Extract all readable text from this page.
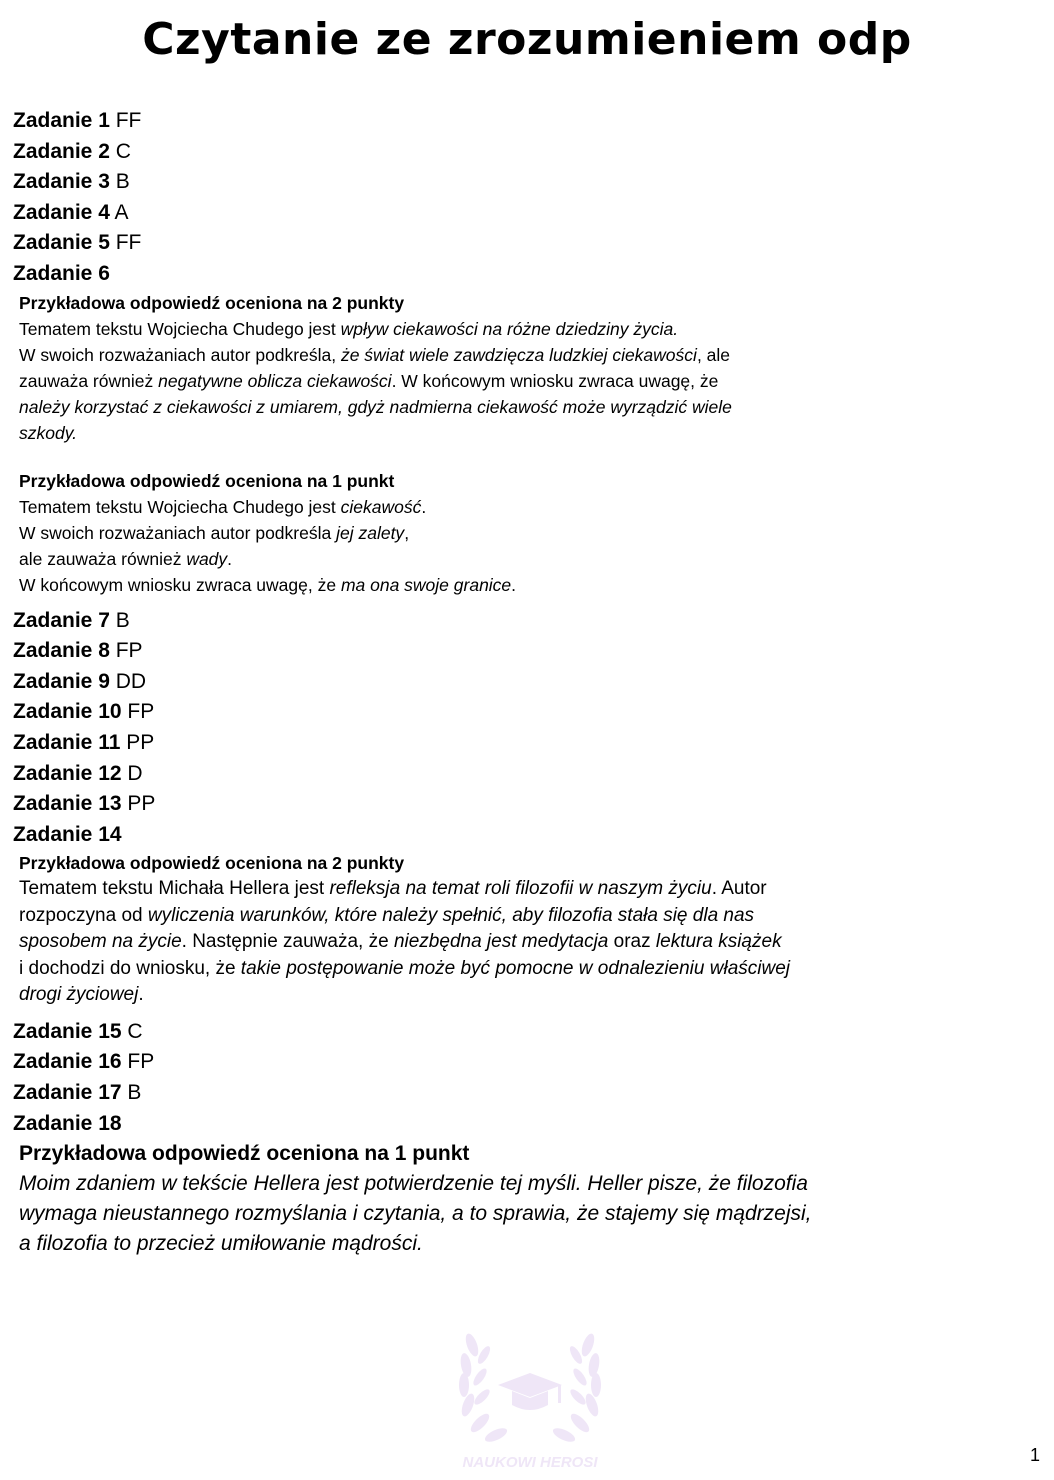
Czytanie ze zrozumieniem odp
Zadanie 1 FF
Zadanie 2 C
Zadanie 3 B
Zadanie 4 A
Zadanie 5 FF
Zadanie 6
Przykładowa odpowiedź oceniona na 2 punkty
Tematem tekstu Wojciecha Chudego jest wpływ ciekawości na różne dziedziny życia.
W swoich rozważaniach autor podkreśla, że świat wiele zawdzięcza ludzkiej ciekawości, ale
zauważa również negatywne oblicza ciekawości. W końcowym wniosku zwraca uwagę, że
należy korzystać z ciekawości z umiarem, gdyż nadmierna ciekawość może wyrządzić wiele
szkody.
Przykładowa odpowiedź oceniona na 1 punkt
Tematem tekstu Wojciecha Chudego jest ciekawość.
W swoich rozważaniach autor podkreśla jej zalety,
ale zauważa również wady.
W końcowym wniosku zwraca uwagę, że ma ona swoje granice.
Zadanie 7 B
Zadanie 8 FP
Zadanie 9 DD
Zadanie 10 FP
Zadanie 11 PP
Zadanie 12 D
Zadanie 13 PP
Zadanie 14
Przykładowa odpowiedź oceniona na 2 punkty
Tematem tekstu Michała Hellera jest refleksja na temat roli filozofii w naszym życiu. Autor
rozpoczyna od wyliczenia warunków, które należy spełnić, aby filozofia stała się dla nas
sposobem na życie. Następnie zauważa, że niezbędna jest medytacja oraz lektura książek
i dochodzi do wniosku, że takie postępowanie może być pomocne w odnalezieniu właściwej
drogi życiowej.
Zadanie 15 C
Zadanie 16 FP
Zadanie 17 B
Zadanie 18
Przykładowa odpowiedź oceniona na 1 punkt
Moim zdaniem w tekście Hellera jest potwierdzenie tej myśli. Heller pisze, że filozofia
wymaga nieustannego rozmyślania i czytania, a to sprawia, że stajemy się mądrzejsi,
a filozofia to przecież umiłowanie mądrości.
NAUKOWI HEROSI	1
